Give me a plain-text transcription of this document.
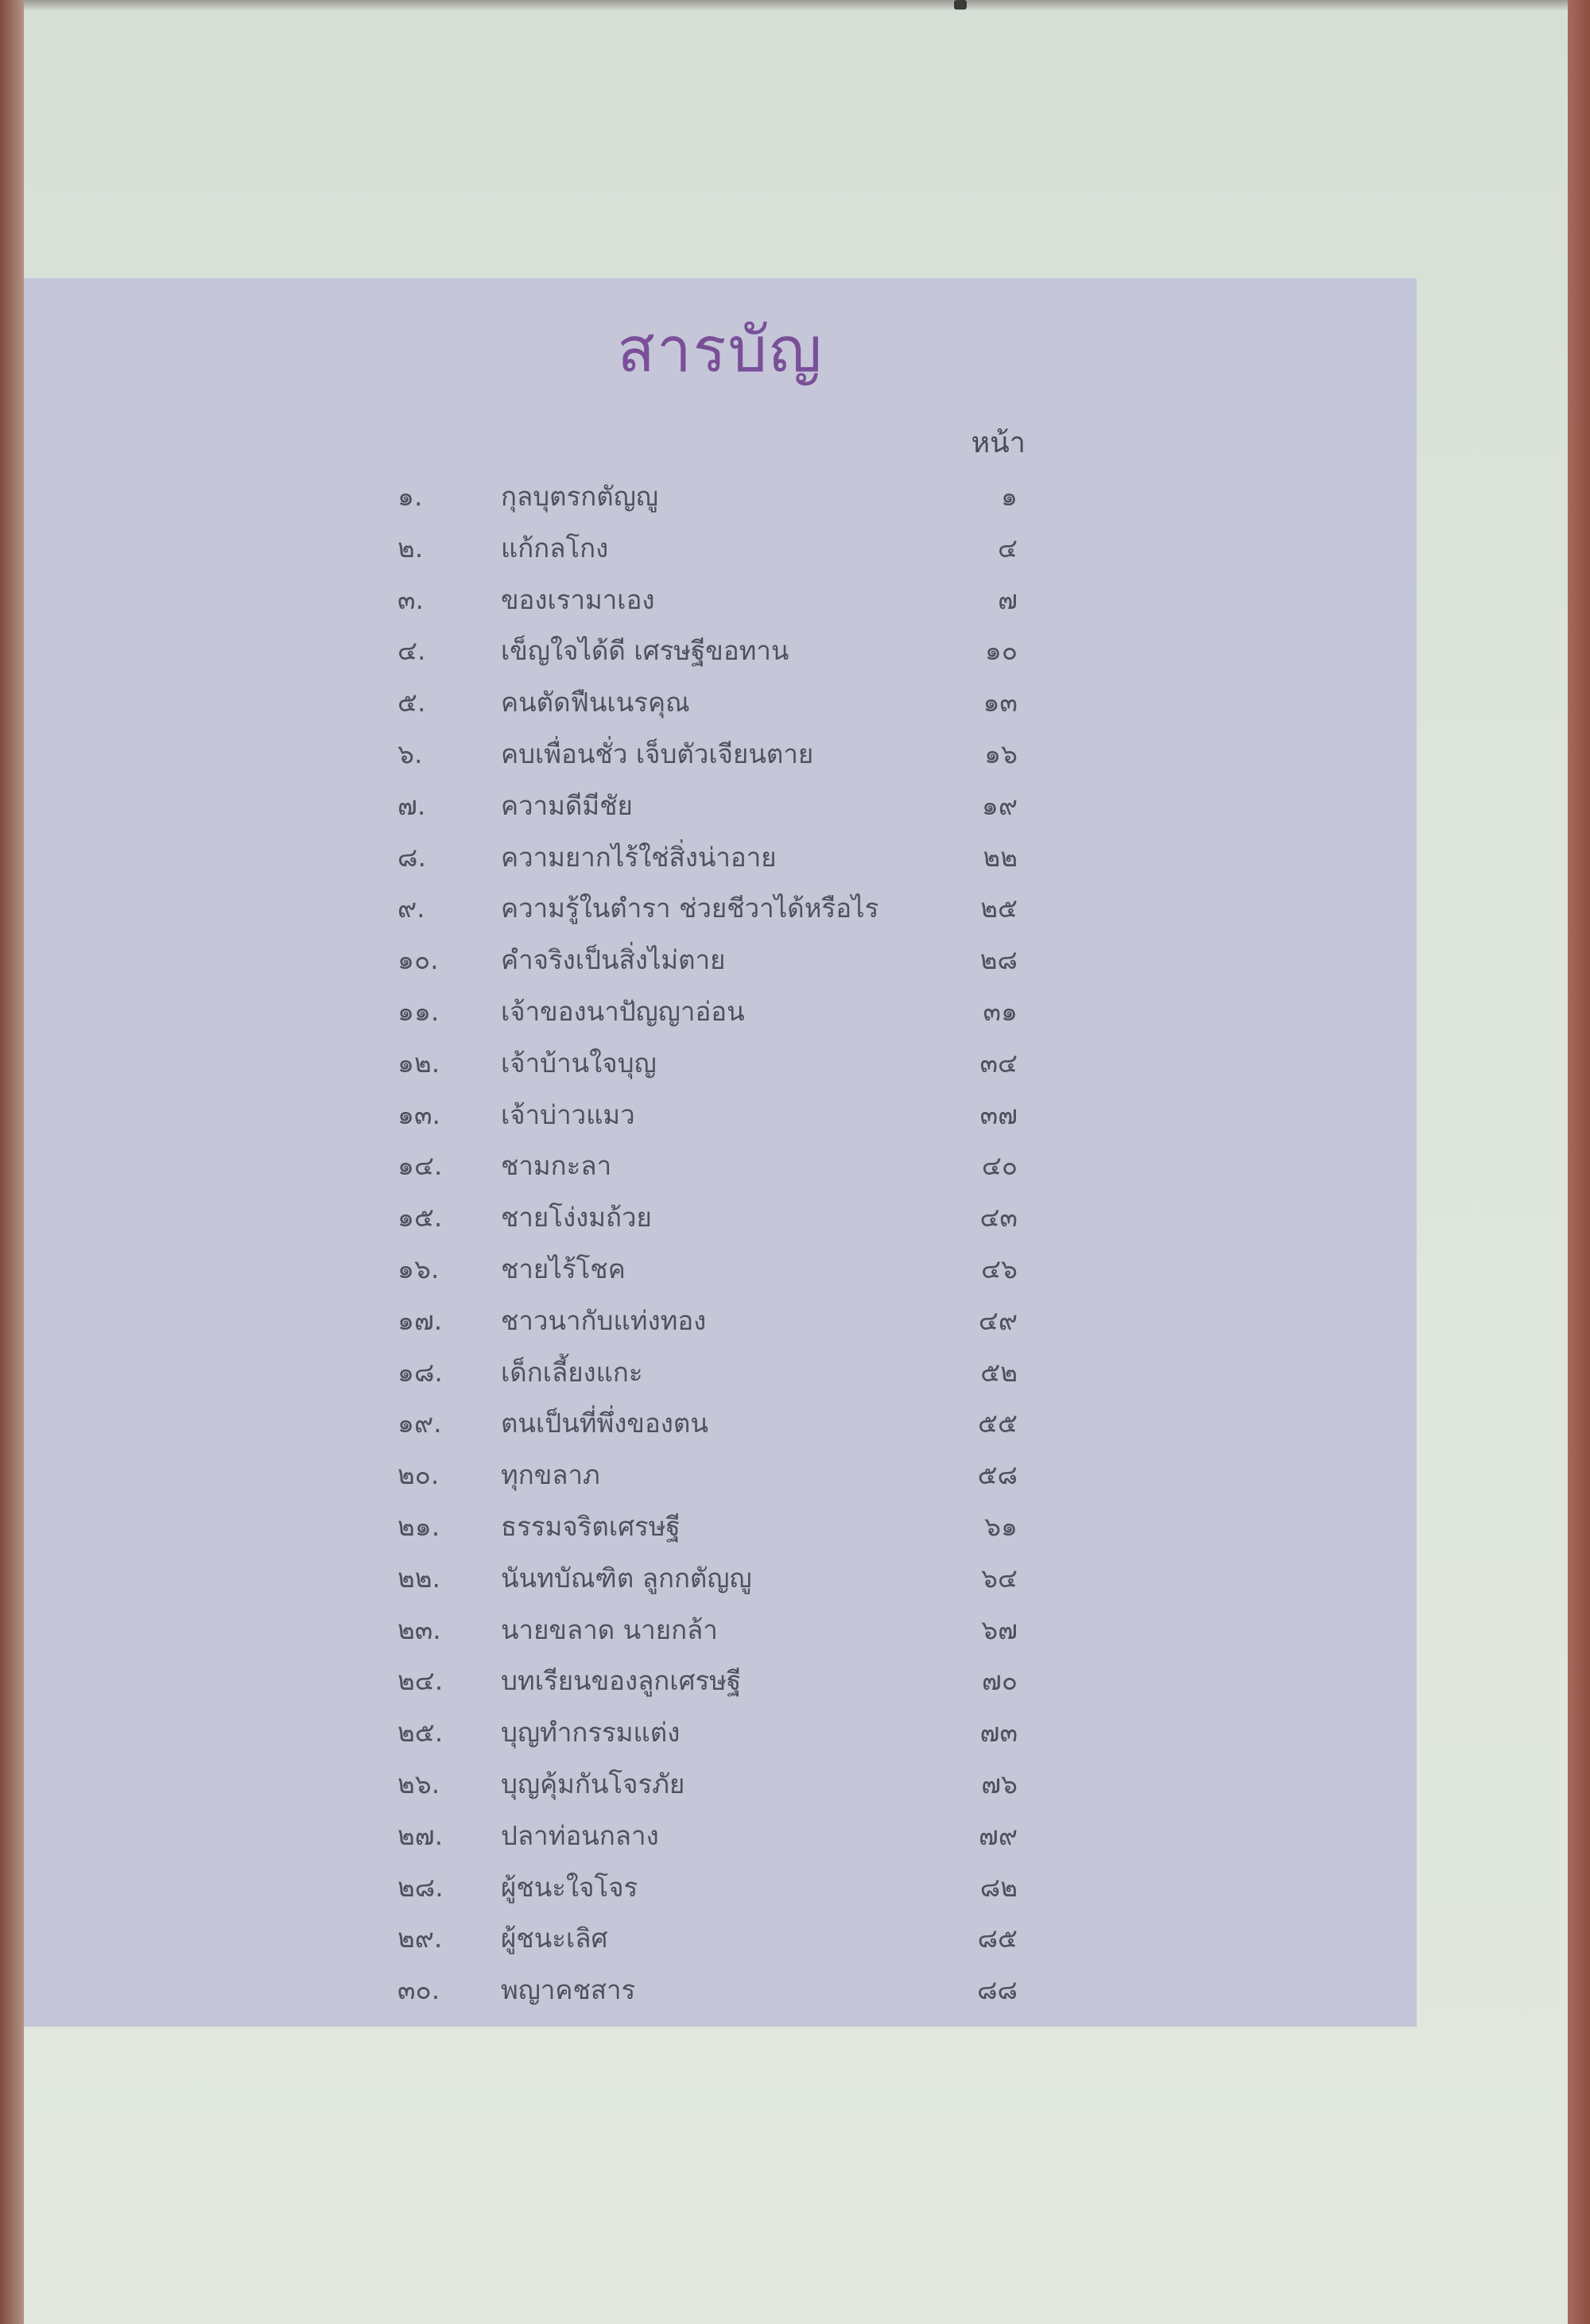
สารบัญ
หน้า
๑.	กุลบุตรกตัญญู	๑
๒.	แก้กลโกง	๔
๓.	ของเรามาเอง	๗
๔.	เข็ญใจได้ดี เศรษฐีขอทาน	๑๐
๕.	คนตัดฟืนเนรคุณ	๑๓
๖.	คบเพื่อนชั่ว เจ็บตัวเจียนตาย	๑๖
๗.	ความดีมีชัย	๑๙
๘.	ความยากไร้ใช่สิ่งน่าอาย	๒๒
๙.	ความรู้ในตำรา ช่วยชีวาได้หรือไร	๒๕
๑๐.	คำจริงเป็นสิ่งไม่ตาย	๒๘
๑๑.	เจ้าของนาปัญญาอ่อน	๓๑
๑๒.	เจ้าบ้านใจบุญ	๓๔
๑๓.	เจ้าบ่าวแมว	๓๗
๑๔.	ชามกะลา	๔๐
๑๕.	ชายโง่งมถ้วย	๔๓
๑๖.	ชายไร้โชค	๔๖
๑๗.	ชาวนากับแท่งทอง	๔๙
๑๘.	เด็กเลี้ยงแกะ	๕๒
๑๙.	ตนเป็นที่พึ่งของตน	๕๕
๒๐.	ทุกขลาภ	๕๘
๒๑.	ธรรมจริตเศรษฐี	๖๑
๒๒.	นันทบัณฑิต ลูกกตัญญู	๖๔
๒๓.	นายขลาด นายกล้า	๖๗
๒๔.	บทเรียนของลูกเศรษฐี	๗๐
๒๕.	บุญทำกรรมแต่ง	๗๓
๒๖.	บุญคุ้มกันโจรภัย	๗๖
๒๗.	ปลาท่อนกลาง	๗๙
๒๘.	ผู้ชนะใจโจร	๘๒
๒๙.	ผู้ชนะเลิศ	๘๕
๓๐.	พญาคชสาร	๘๘
